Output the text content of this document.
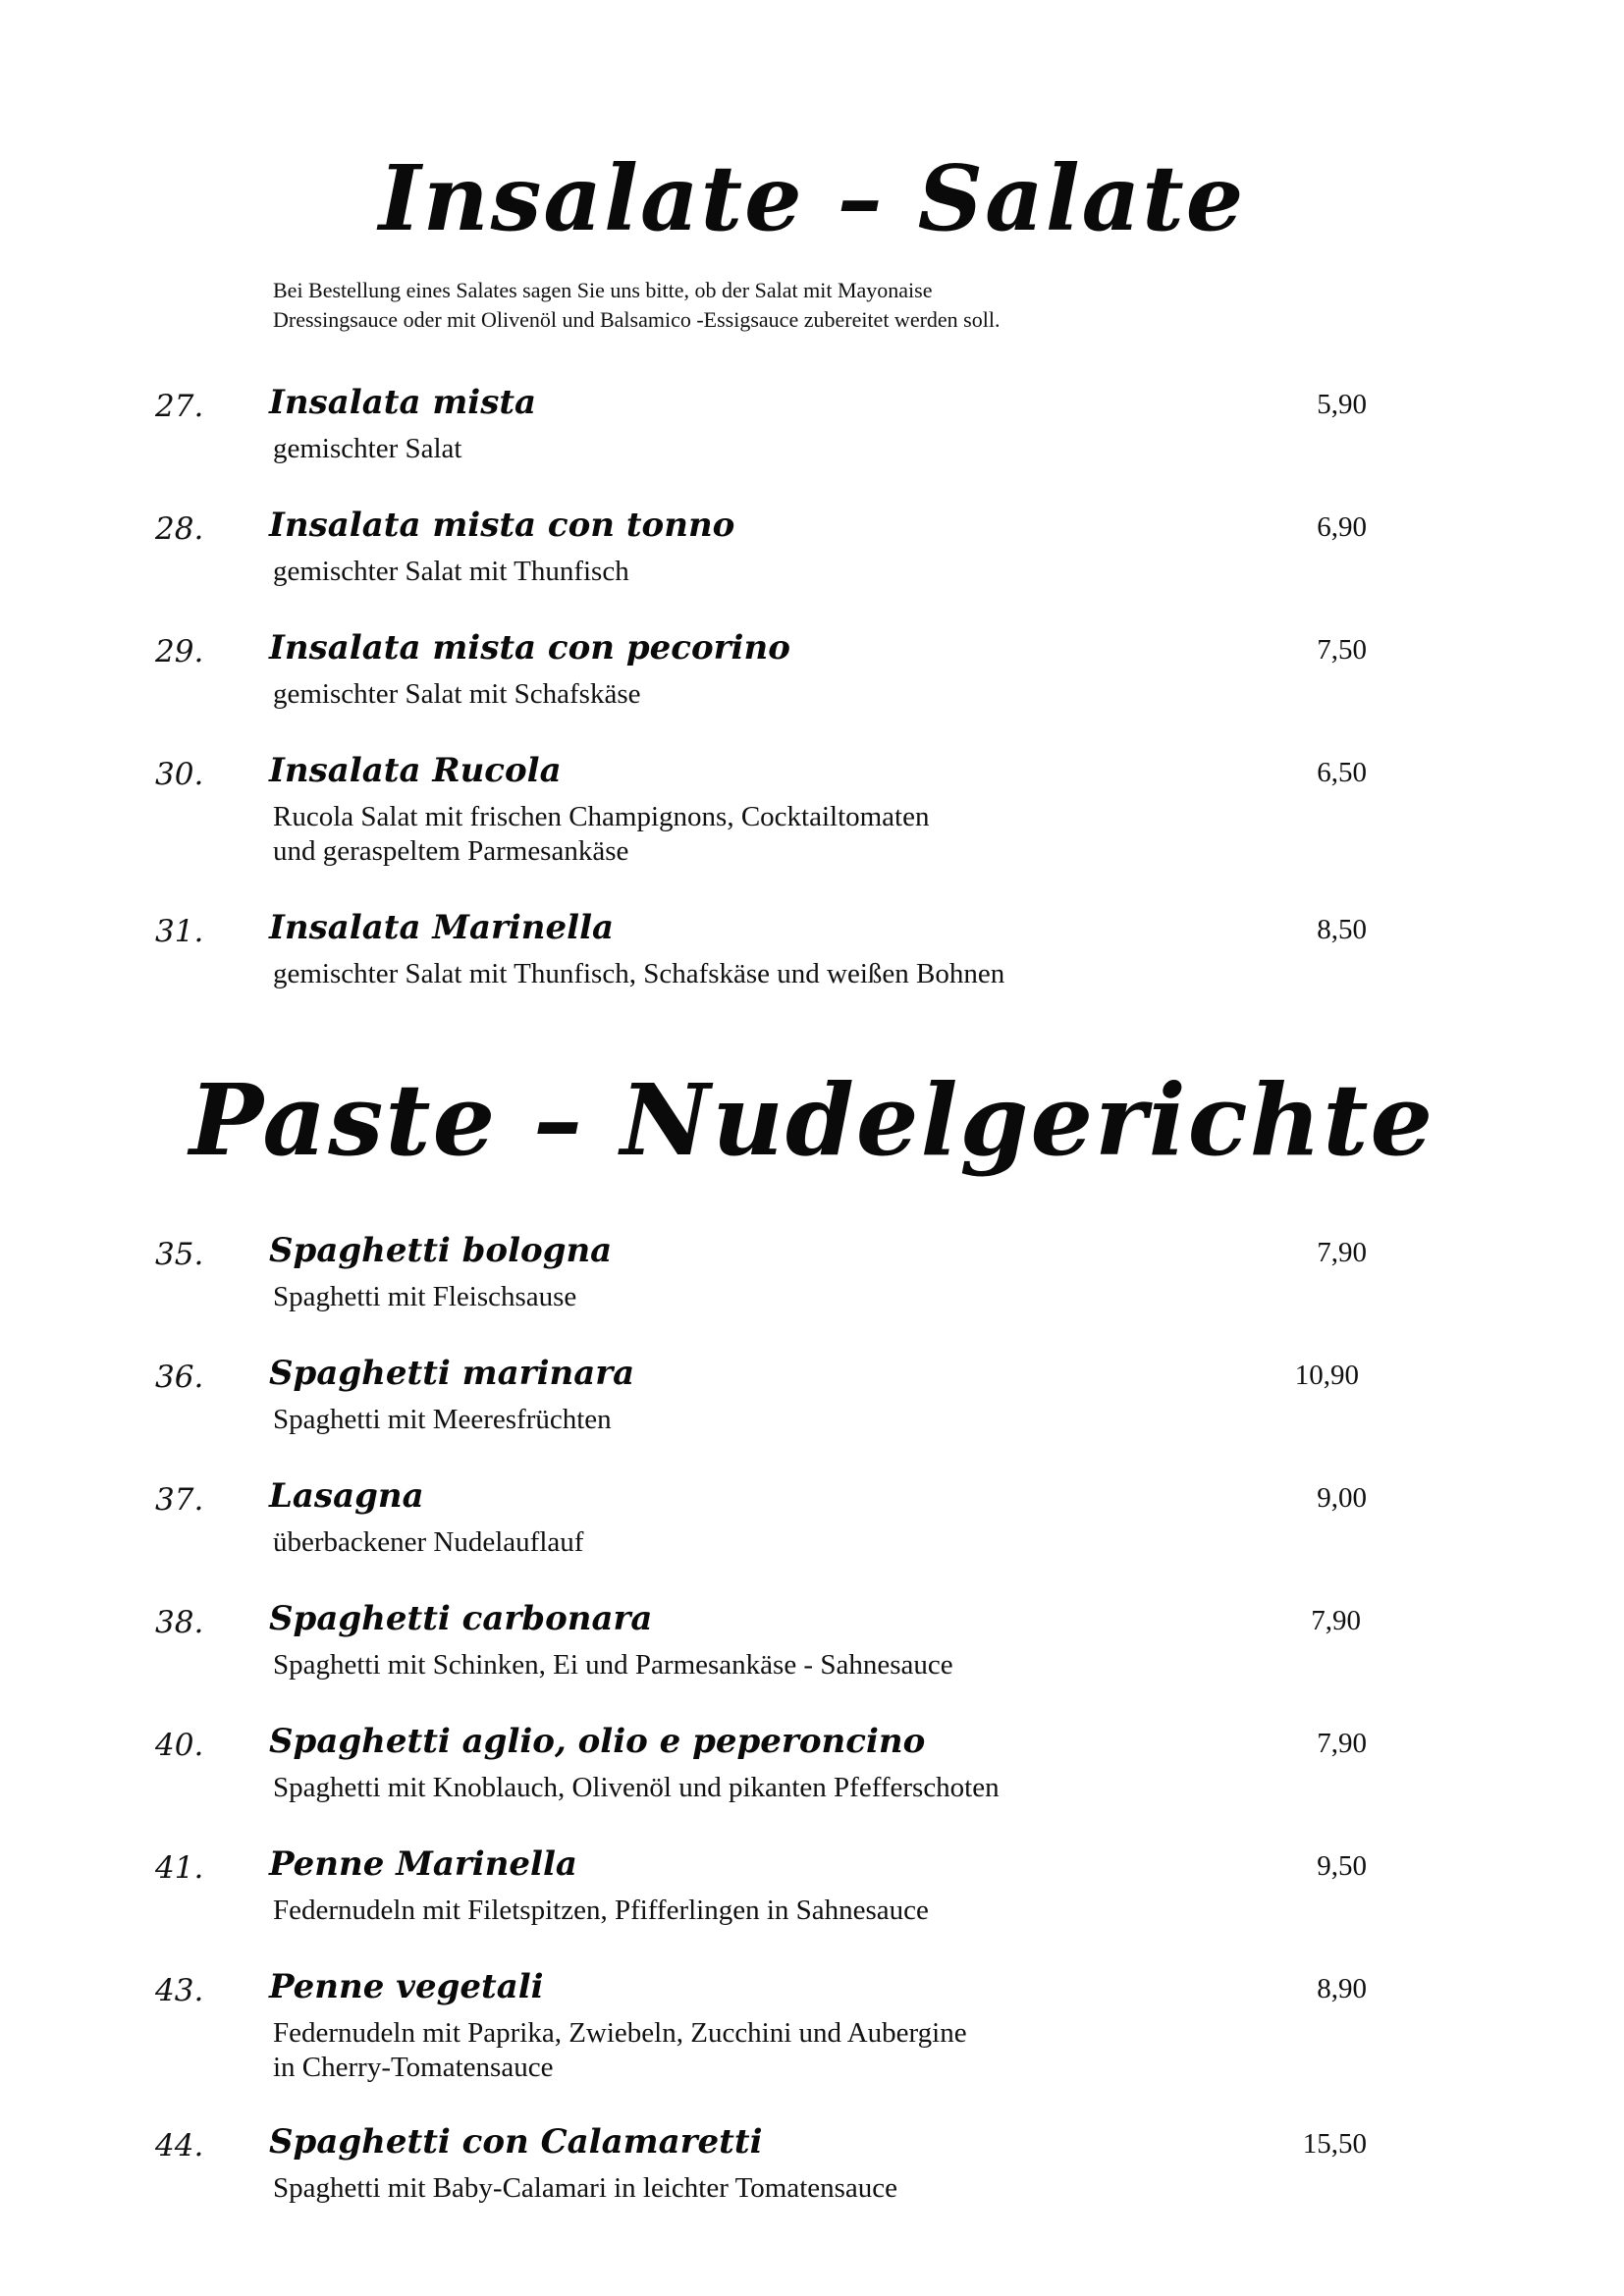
Insalate – Salate

Bei Bestellung eines Salates sagen Sie uns bitte, ob der Salat mit Mayonaise

Dressingsauce oder mit Olivenöl und Balsamico -Essigsauce zubereitet werden soll.

27. Insalata mista	5,90
gemischter Salat
28. Insalata mista con tonno	6,90
gemischter Salat mit Thunfisch
29. Insalata mista con pecorino	7,50
gemischter Salat mit Schafskäse
30. Insalata Rucola	6,50
Rucola Salat mit frischen Champignons, Cocktailtomaten
und geraspeltem Parmesankäse
31. Insalata Marinella	8,50
gemischter Salat mit Thunfisch, Schafskäse und weißen Bohnen
Paste – Nudelgerichte
35. Spaghetti bologna	7,90
Spaghetti mit Fleischsause
36. Spaghetti marinara	10,90
Spaghetti mit Meeresfrüchten
37. Lasagna	9,00
überbackener Nudelauflauf
38. Spaghetti carbonara	7,90
Spaghetti mit Schinken, Ei und Parmesankäse - Sahnesauce
40. Spaghetti aglio, olio e peperoncino	7,90
Spaghetti mit Knoblauch, Olivenöl und pikanten Pfefferschoten
41. Penne Marinella	9,50
Federnudeln mit Filetspitzen, Pfifferlingen in Sahnesauce
43. Penne vegetali	8,90
Federnudeln mit Paprika, Zwiebeln, Zucchini und Aubergine
in Cherry-Tomatensauce
44. Spaghetti con Calamaretti	15,50
Spaghetti mit Baby-Calamari in leichter Tomatensauce
